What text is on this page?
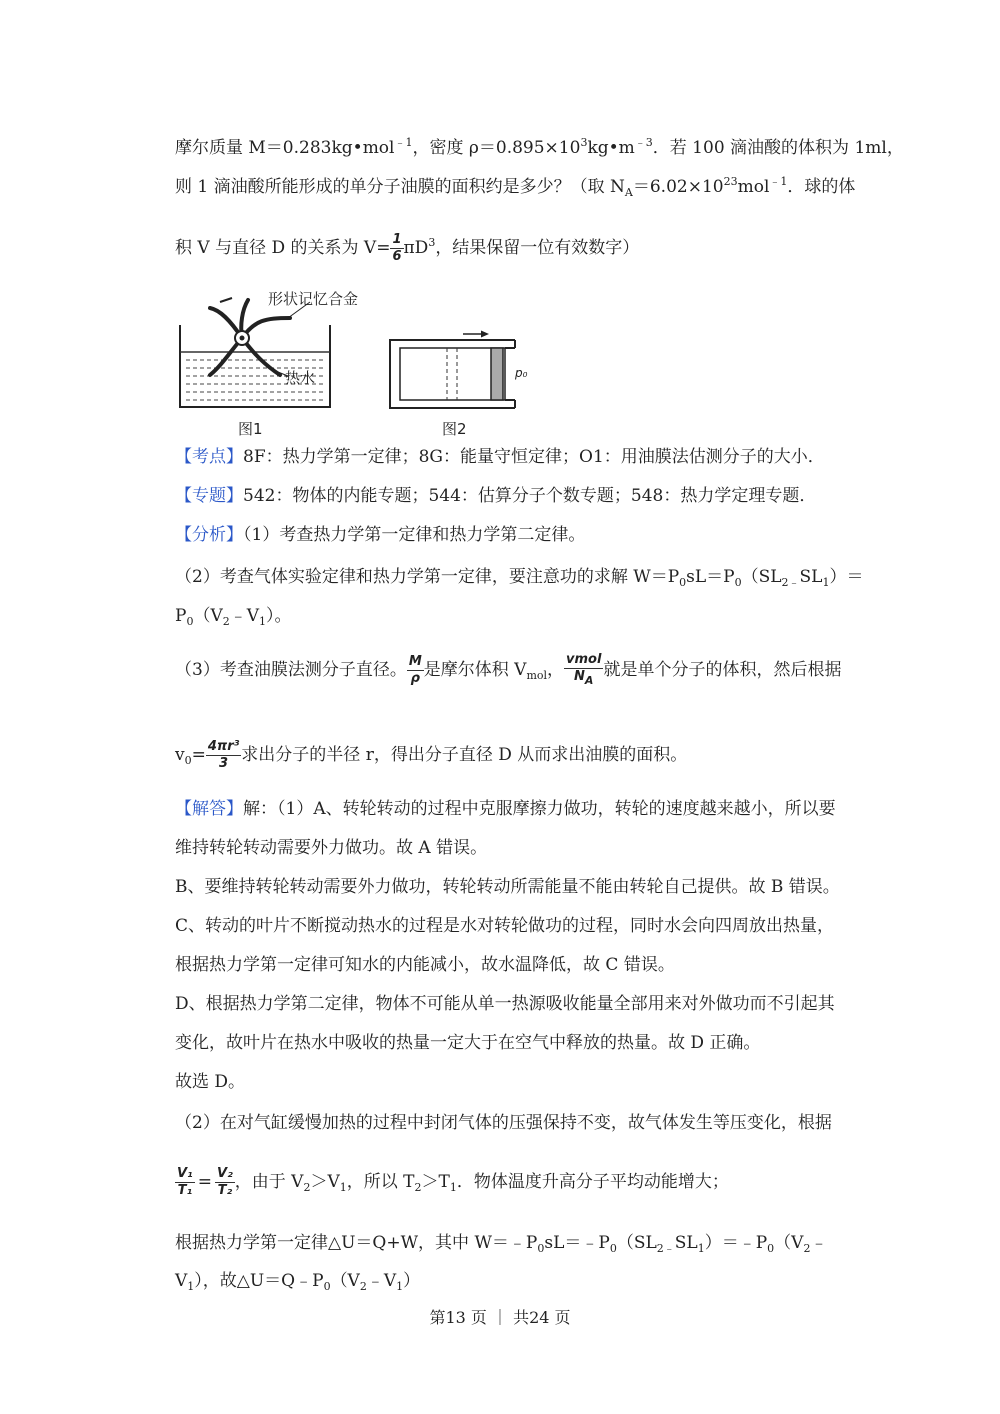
摩尔质量 M＝0.283kg•mol$^{﹣1}$，密度 $\rho=0.895\times 10^3kg•m^{﹣3}$．若 100 滴油酸的体积为 1ml，
则 1 滴油酸所能形成的单分子油膜的面积约是多少？（取 $N_A=6.02\times 10^{23}mol^{﹣1}$．球的体
积 V 与直径 D 的关系为 $V= \frac{1}{6} \pi D^3$，结果保留一位有效数字）
形状记忆合金
热水
图1
p₀
图2
【考点】8F：热力学第一定律；8G：能量守恒定律；O1：用油膜法估测分子的大小．
【专题】542：物体的内能专题；544：估算分子个数专题；548：热力学定理专题．
【分析】（1）考查热力学第一定律和热力学第二定律。
（2）考查气体实验定律和热力学第一定律，要注意功的求解 $W=P_0sL=P_0(SL_{2﹣}SL_1)=$
$P_0(V_2﹣V_1)$。
（3）考查油膜法测分子直径。 $\frac{M}{\rho}$ 是摩尔体积 $V_{mol}$， $\frac{\text{vmol}}{N_A}$ 就是单个分子的体积，然后根据
$v_0= \frac{\text{4πr³}}{3}$ 求出分子的半径 r，得出分子直径 D 从而求出油膜的面积。
【解答】解：（1）A、转轮转动的过程中克服摩擦力做功，转轮的速度越来越小，所以要
维持转轮转动需要外力做功。故 A 错误。
B、要维持转轮转动需要外力做功，转轮转动所需能量不能由转轮自己提供。故 B 错误。
C、转动的叶片不断搅动热水的过程是水对转轮做功的过程，同时水会向四周放出热量，
根据热力学第一定律可知水的内能减小，故水温降低，故 C 错误。
D、根据热力学第二定律，物体不可能从单一热源吸收能量全部用来对外做功而不引起其
变化，故叶片在热水中吸收的热量一定大于在空气中释放的热量。故 D 正确。
故选 D。
（2）在对气缸缓慢加热的过程中封闭气体的压强保持不变，故气体发生等压变化，根据
$\frac{\text{V₁}}{\text{T₁}} = \frac{\text{V₂}}{\text{T₂}}$ ，由于 $V_2>V_1$，所以 $T_2>T_1$．物体温度升高分子平均动能增大；
根据热力学第一定律△U＝Q+W，其中 $W=﹣P_0sL=﹣P_0(SL_{2﹣}SL_1)=﹣P_0(V_2﹣$
$V_1$），故$\triangle U=Q﹣P_0(V_2﹣V_1)$
第13 页 ｜ 共24 页
